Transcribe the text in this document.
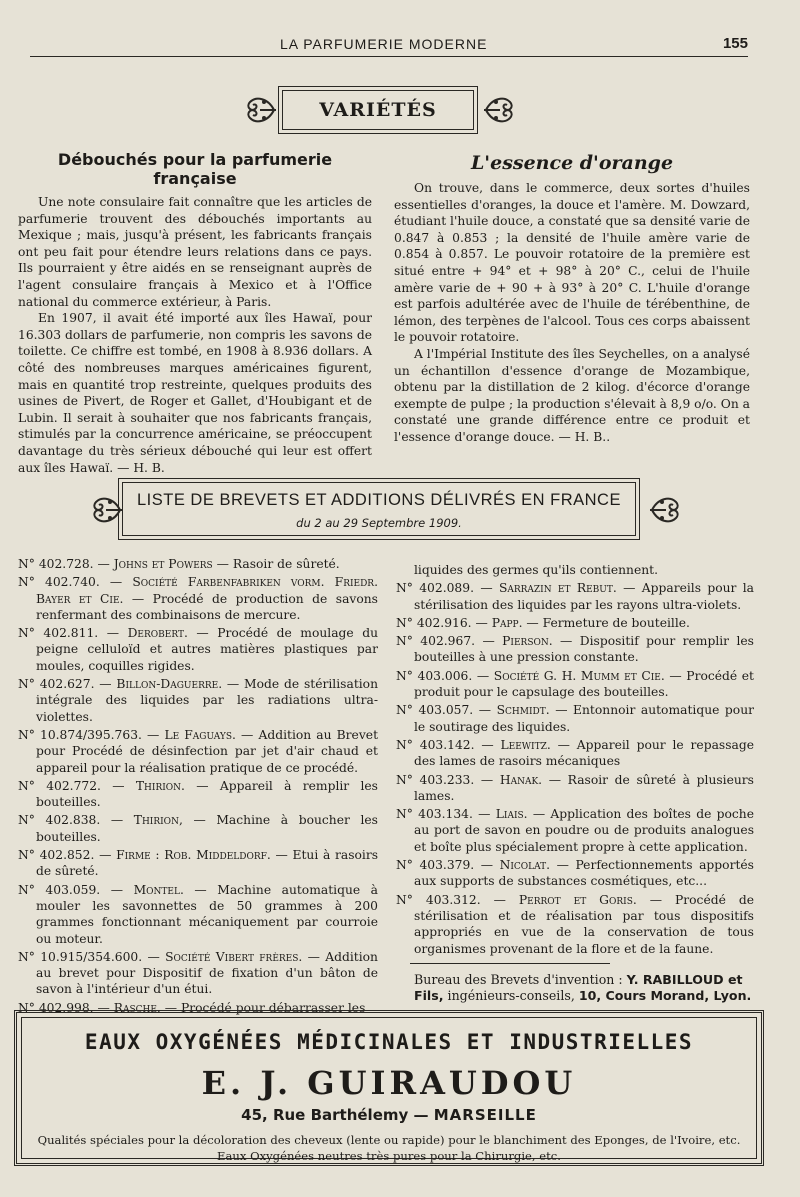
LA PARFUMERIE MODERNE	155
VARIÉTÉS
Débouchés pour la parfumerie française

Une note consulaire fait connaître que les articles de parfumerie trouvent des débouchés importants au Mexique ; mais, jusqu'à présent, les fabricants français ont peu fait pour étendre leurs relations dans ce pays. Ils pourraient y être aidés en se renseignant auprès de l'agent consulaire français à Mexico et à l'Office national du commerce extérieur, à Paris.

En 1907, il avait été importé aux îles Hawaï, pour 16.303 dollars de parfumerie, non compris les savons de toilette. Ce chiffre est tombé, en 1908 à 8.936 dollars. A côté des nombreuses marques américaines figurent, mais en quantité trop restreinte, quelques produits des usines de Pivert, de Roger et Gallet, d'Houbigant et de Lubin. Il serait à souhaiter que nos fabricants français, stimulés par la concurrence américaine, se préoccupent davantage du très sérieux débouché qui leur est offert aux îles Hawaï. — H. B.

L'essence d'orange

On trouve, dans le commerce, deux sortes d'huiles essentielles d'oranges, la douce et l'amère. M. Dowzard, étudiant l'huile douce, a constaté que sa densité varie de 0.847 à 0.853 ; la densité de l'huile amère varie de 0.854 à 0.857. Le pouvoir rotatoire de la première est situé entre + 94° et + 98° à 20° C., celui de l'huile amère varie de + 90 + à 93° à 20° C. L'huile d'orange est parfois adultérée avec de l'huile de térébenthine, de lémon, des terpènes de l'alcool. Tous ces corps abaissent le pouvoir rotatoire.

A l'Impérial Institute des îles Seychelles, on a analysé un échantillon d'essence d'orange de Mozambique, obtenu par la distillation de 2 kilog. d'écorce d'orange exempte de pulpe ; la production s'élevait à 8,9 o/o. On a constaté une grande différence entre ce produit et l'essence d'orange douce. — H. B..

LISTE DE BREVETS ET ADDITIONS DÉLIVRÉS EN FRANCE
du 2 au 29 Septembre 1909.

N° 402.728. — Johns et Powers — Rasoir de sûreté.

N° 402.740. — Société Farbenfabriken vorm. Friedr. Bayer et Cie. — Procédé de production de savons renfermant des combinaisons de mercure.

N° 402.811. — Derobert. — Procédé de moulage du peigne celluloïd et autres matières plastiques par moules, coquilles rigides.

N° 402.627. — Billon-Daguerre. — Mode de stérilisation intégrale des liquides par les radiations ultra-violettes.

N° 10.874/395.763. — Le Faguays. — Addition au Brevet pour Procédé de désinfection par jet d'air chaud et appareil pour la réalisation pratique de ce procédé.

N° 402.772. — Thirion. — Appareil à remplir les bouteilles.

N° 402.838. — Thirion, — Machine à boucher les bouteilles.

N° 402.852. — Firme : Rob. Middeldorf. — Etui à rasoirs de sûreté.

N° 403.059. — Montel. — Machine automatique à mouler les savonnettes de 50 grammes à 200 grammes fonctionnant mécaniquement par courroie ou moteur.

N° 10.915/354.600. — Société Vibert frères. — Addition au brevet pour Dispositif de fixation d'un bâton de savon à l'intérieur d'un étui.

N° 402.998. — Rasche. — Procédé pour débarrasser les

liquides des germes qu'ils contiennent.

N° 402.089. — Sarrazin et Rebut. — Appareils pour la stérilisation des liquides par les rayons ultra-violets.

N° 402.916. — Papp. — Fermeture de bouteille.

N° 402.967. — Pierson. — Dispositif pour remplir les bouteilles à une pression constante.

N° 403.006. — Société G. H. Mumm et Cie. — Procédé et produit pour le capsulage des bouteilles.

N° 403.057. — Schmidt. — Entonnoir automatique pour le soutirage des liquides.

N° 403.142. — Leewitz. — Appareil pour le repassage des lames de rasoirs mécaniques

N° 403.233. — Hanak. — Rasoir de sûreté à plusieurs lames.

N° 403.134. — Liais. — Application des boîtes de poche au port de savon en poudre ou de produits analogues et boîte plus spécialement propre à cette application.

N° 403.379. — Nicolat. — Perfectionnements apportés aux supports de substances cosmétiques, etc...

N° 403.312. — Perrot et Goris. — Procédé de stérilisation et de réalisation par tous dispositifs appropriés en vue de la conservation de tous organismes provenant de la flore et de la faune.

Bureau des Brevets d'invention : Y. RABILLOUD et Fils, ingénieurs-conseils, 10, Cours Morand, Lyon.

EAUX OXYGÉNÉES MÉDICINALES ET INDUSTRIELLES

E. J. GUIRAUDOU

45, Rue Barthélemy — MARSEILLE

Qualités spéciales pour la décoloration des cheveux (lente ou rapide) pour le blanchiment des Eponges, de l'Ivoire, etc.

Eaux Oxygénées neutres très pures pour la Chirurgie, etc.
